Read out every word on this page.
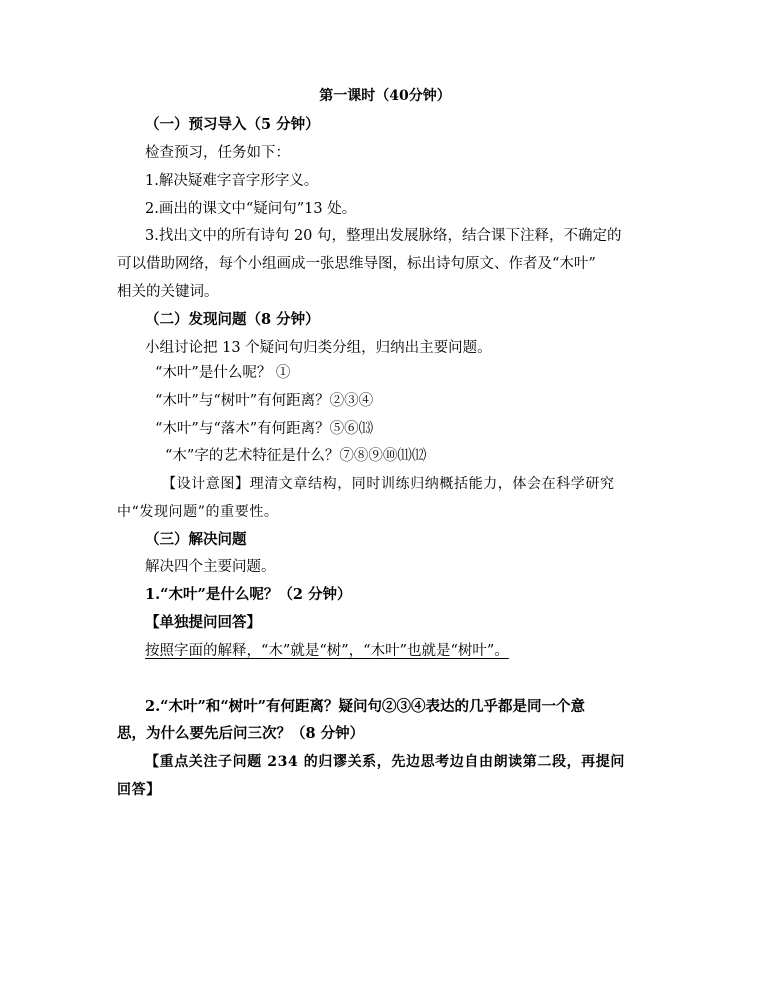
第一课时（40分钟）
（一）预习导入（5 分钟）
检查预习，任务如下：
1.解决疑难字音字形字义。
2.画出的课文中“疑问句”13 处。
3.找出文中的所有诗句 20 句，整理出发展脉络，结合课下注释，不确定的
可以借助网络，每个小组画成一张思维导图，标出诗句原文、作者及“木叶”
相关的关键词。
（二）发现问题（8 分钟）
小组讨论把 13 个疑问句归类分组，归纳出主要问题。
“木叶”是什么呢？ ①
“木叶”与“树叶”有何距离？②③④
“木叶”与“落木”有何距离？⑤⑥⒀
“木”字的艺术特征是什么？⑦⑧⑨⑩⑾⑿
【设计意图】理清文章结构，同时训练归纳概括能力，体会在科学研究
中“发现问题”的重要性。
（三）解决问题
解决四个主要问题。
1.“木叶”是什么呢？（2 分钟）
【单独提问回答】
按照字面的解释，“木”就是“树”，“木叶”也就是“树叶”。
2.“木叶”和“树叶”有何距离？疑问句②③④表达的几乎都是同一个意
思，为什么要先后问三次？（8 分钟）
【重点关注子问题 234 的归谬关系，先边思考边自由朗读第二段，再提问
回答】
